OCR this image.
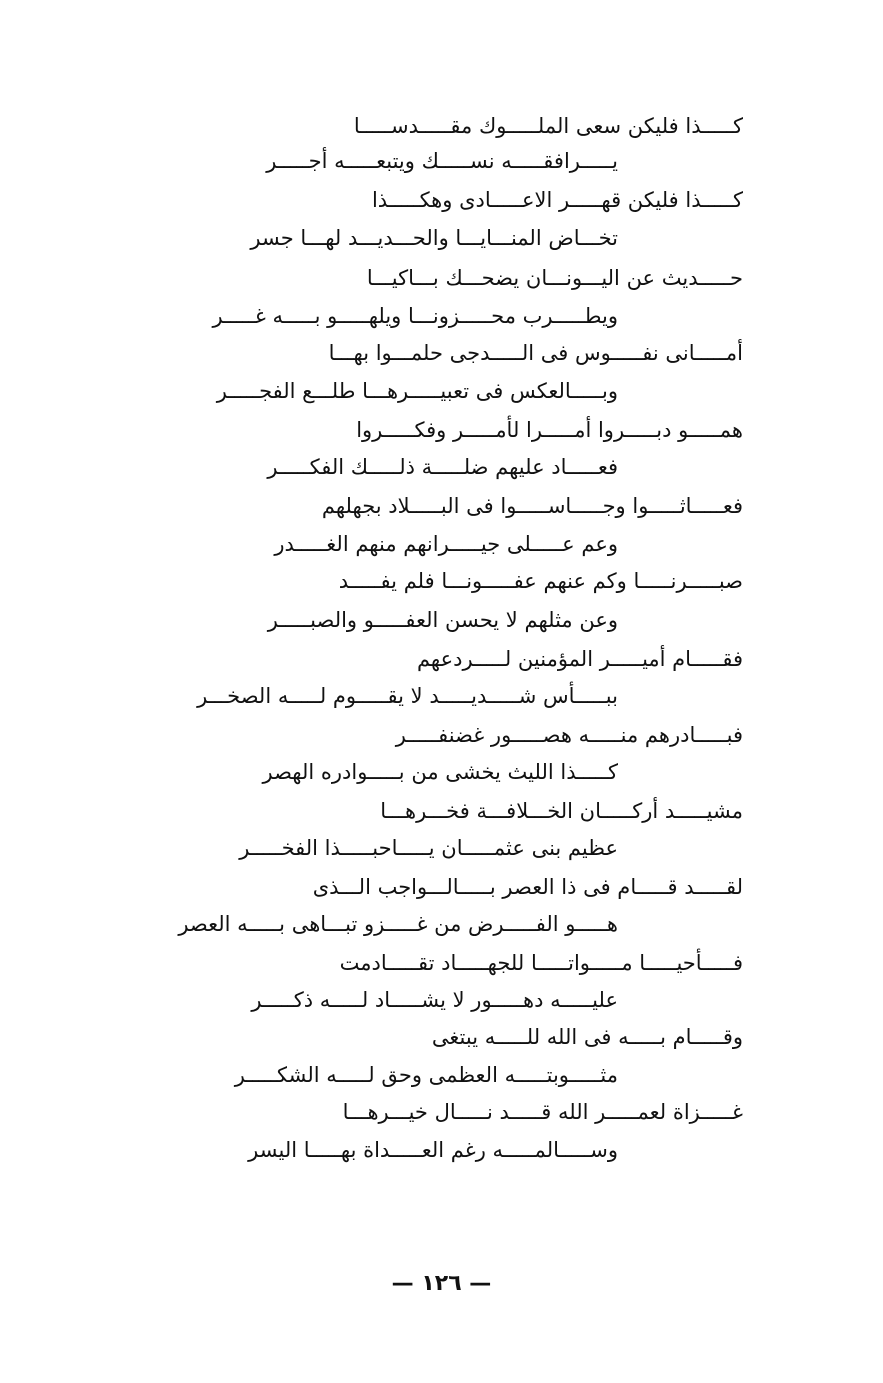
كـــــذا فليكن سعى الملـــــوك مقـــــدســـــا
يـــــرافقـــــه نســـــك ويتبعـــــه أجـــــر
كـــــذا فليكن قهـــــر الاعـــــادى وهكـــــذا
تخـــاض المنـــايـــا والحـــديـــد لهـــا جسر
حـــــديث عن اليـــونـــان يضحـــك بـــاكيـــا
ويطـــــرب محـــــزونـــا ويلهـــــو بـــــه غـــــر
أمـــــانى نفـــــوس فى الـــــدجى حلمـــوا بهـــا
وبـــــالعكس فى تعبيـــــرهـــا طلـــع الفجـــــر
همـــــو دبـــــروا أمـــــرا لأمـــــر وفكـــــروا
فعـــــاد عليهم ضلـــــة ذلـــــك الفكـــــر
فعـــــاثـــــوا وجـــــاســـــوا فى البـــــلاد بجهلهم
وعم عـــــلى جيـــــرانهم منهم الغـــــدر
صبـــــرنـــــا وكم عنهم عفـــــونـــا فلم يفـــــد
وعن مثلهم لا يحسن العفـــــو والصبـــــر
فقـــــام أميـــــر المؤمنين لـــــردعهم
ببـــــأس شـــــديـــــد لا يقـــــوم لـــــه الصخـــر
فبـــــادرهم منـــــه هصـــــور غضنفـــــر
كـــــذا الليث يخشى من بـــــوادره الهصر
مشيـــــد أركـــــان الخـــلافـــة فخـــرهـــا
عظيم بنى عثمـــــان يـــــاحبـــــذا الفخـــــر
لقـــــد قـــــام فى ذا العصر بـــــالـــواجب الـــذى
هـــــو الفـــــرض من غـــــزو تبـــاهى بـــــه العصر
فـــــأحيـــــا مـــــواتـــــا للجهـــــاد تقـــــادمت
عليـــــه دهـــــور لا يشـــــاد لـــــه ذكـــــر
وقـــــام بـــــه فى الله للـــــه يبتغى
مثـــــوبتـــــه العظمى وحق لـــــه الشكـــــر
غـــــزاة لعمـــــر الله قـــــد نـــــال خيـــرهـــا
وســـــالمـــــه رغم العـــــداة بهـــــا اليسر
— ١٢٦ —
